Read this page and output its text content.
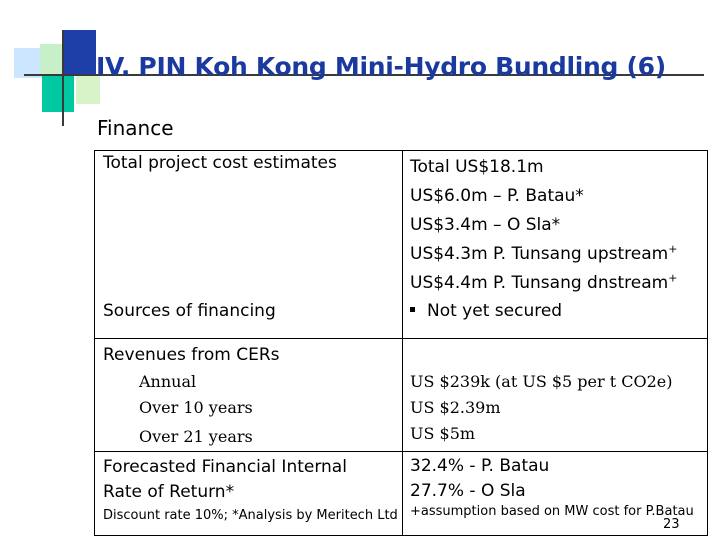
IV. PIN Koh Kong Mini-Hydro Bundling (6)
Finance
Total project cost estimates	Total US$18.1m
US$6.0m – P. Batau*
US$3.4m – O Sla*
US$4.3m P. Tunsang upstream+
US$4.4m P. Tunsang dnstream+
Sources of financing	Not yet secured
Revenues from CERs
Annual
Over 10 years
Over 21 years
US $239k (at US $5 per t CO2e)
US $2.39m
US $5m
Forecasted Financial Internal
Rate of Return*
32.4% - P. Batau
27.7% - O Sla
Discount rate 10%; *Analysis by Meritech Ltd +assumption based on MW cost for P.Batau
23
